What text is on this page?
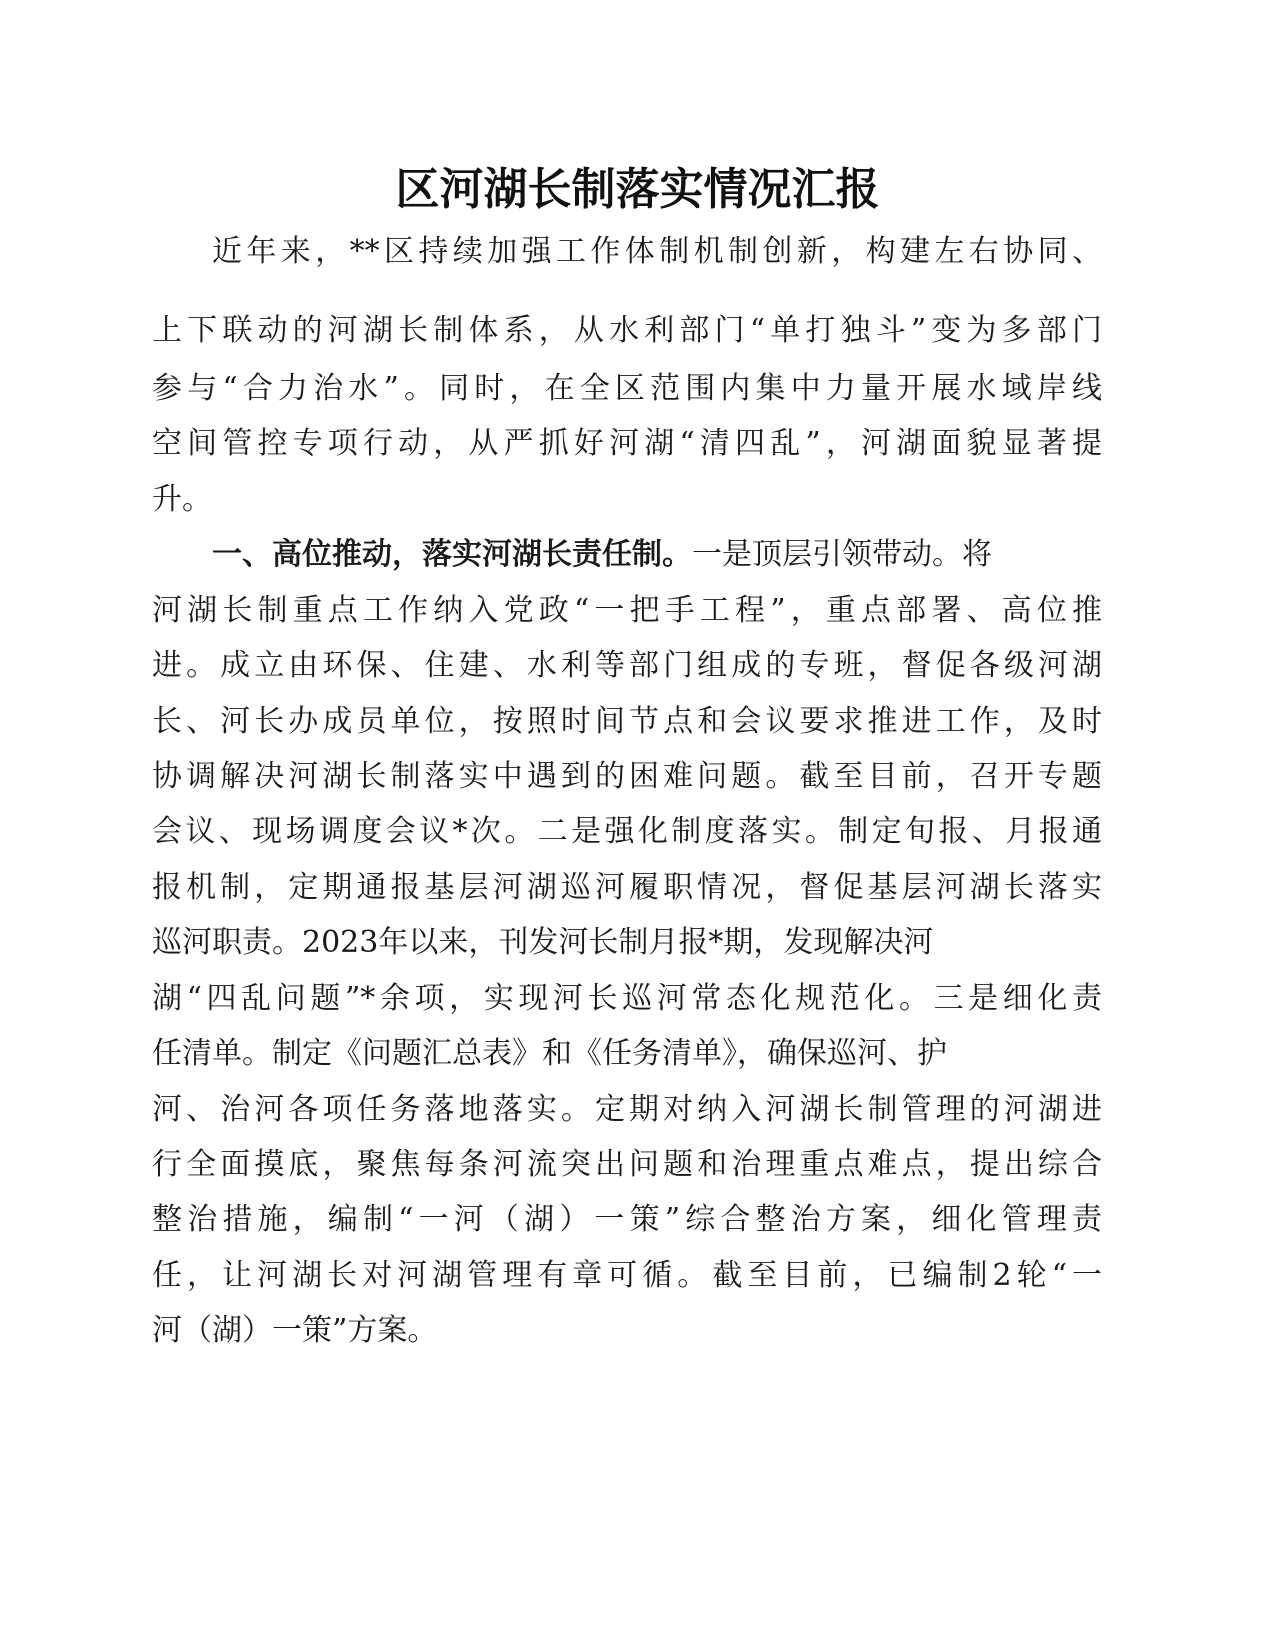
区河湖长制落实情况汇报

近年来，**区持续加强工作体制机制创新，构建左右协同、

上下联动的河湖长制体系，从水利部门“单打独斗”变为多部门

参与“合力治水”。同时，在全区范围内集中力量开展水域岸线

空间管控专项行动，从严抓好河湖“清四乱”，河湖面貌显著提

升。

一、高位推动，落实河湖长责任制。一是顶层引领带动。将

河湖长制重点工作纳入党政“一把手工程”，重点部署、高位推

进。成立由环保、住建、水利等部门组成的专班，督促各级河湖

长、河长办成员单位，按照时间节点和会议要求推进工作，及时

协调解决河湖长制落实中遇到的困难问题。截至目前，召开专题

会议、现场调度会议*次。二是强化制度落实。制定旬报、月报通

报机制，定期通报基层河湖巡河履职情况，督促基层河湖长落实

巡河职责。2023年以来，刊发河长制月报*期，发现解决河

湖“四乱问题”*余项，实现河长巡河常态化规范化。三是细化责

任清单。制定《问题汇总表》和《任务清单》，确保巡河、护

河、治河各项任务落地落实。定期对纳入河湖长制管理的河湖进

行全面摸底，聚焦每条河流突出问题和治理重点难点，提出综合

整治措施，编制“一河（湖）一策”综合整治方案，细化管理责

任，让河湖长对河湖管理有章可循。截至目前，已编制2轮“一

河（湖）一策”方案。
